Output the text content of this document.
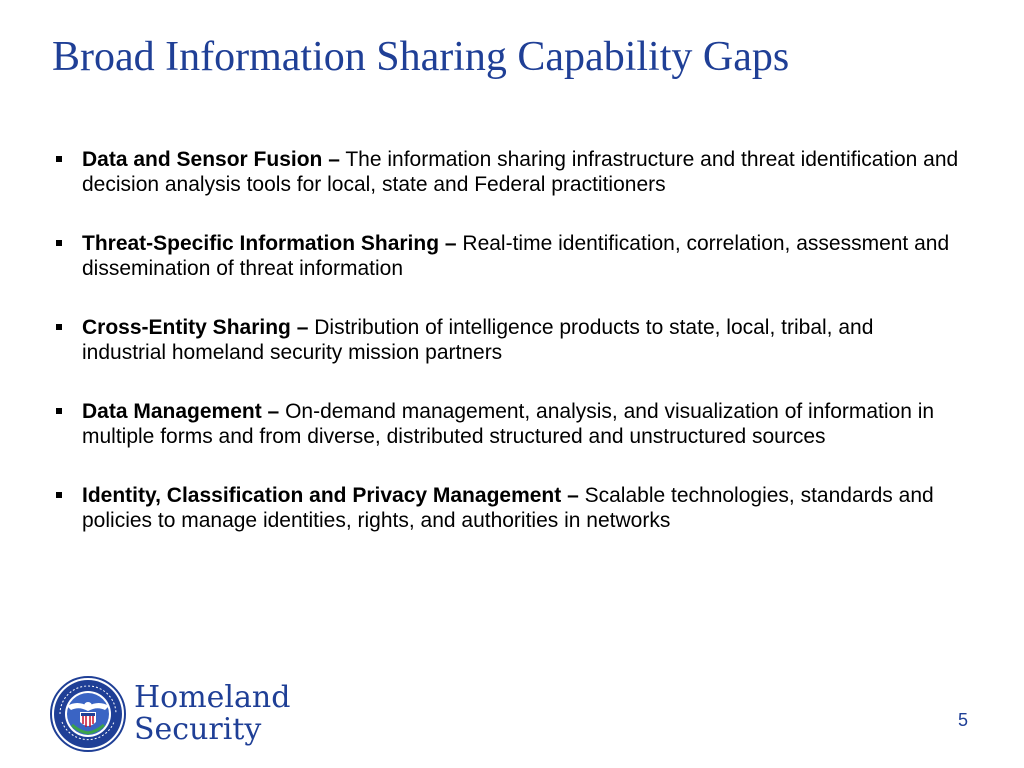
Broad Information Sharing Capability Gaps
Data and Sensor Fusion – The information sharing infrastructure and threat identification and decision analysis tools for local, state and Federal practitioners
Threat-Specific Information Sharing – Real-time identification, correlation, assessment and dissemination of threat information
Cross-Entity Sharing – Distribution of intelligence products to state, local, tribal, and industrial homeland security mission partners
Data Management – On-demand management, analysis, and visualization of information in multiple forms and from diverse, distributed structured and unstructured sources
Identity, Classification and Privacy Management – Scalable technologies, standards and policies to manage identities, rights, and authorities in networks
Homeland
Security	5
